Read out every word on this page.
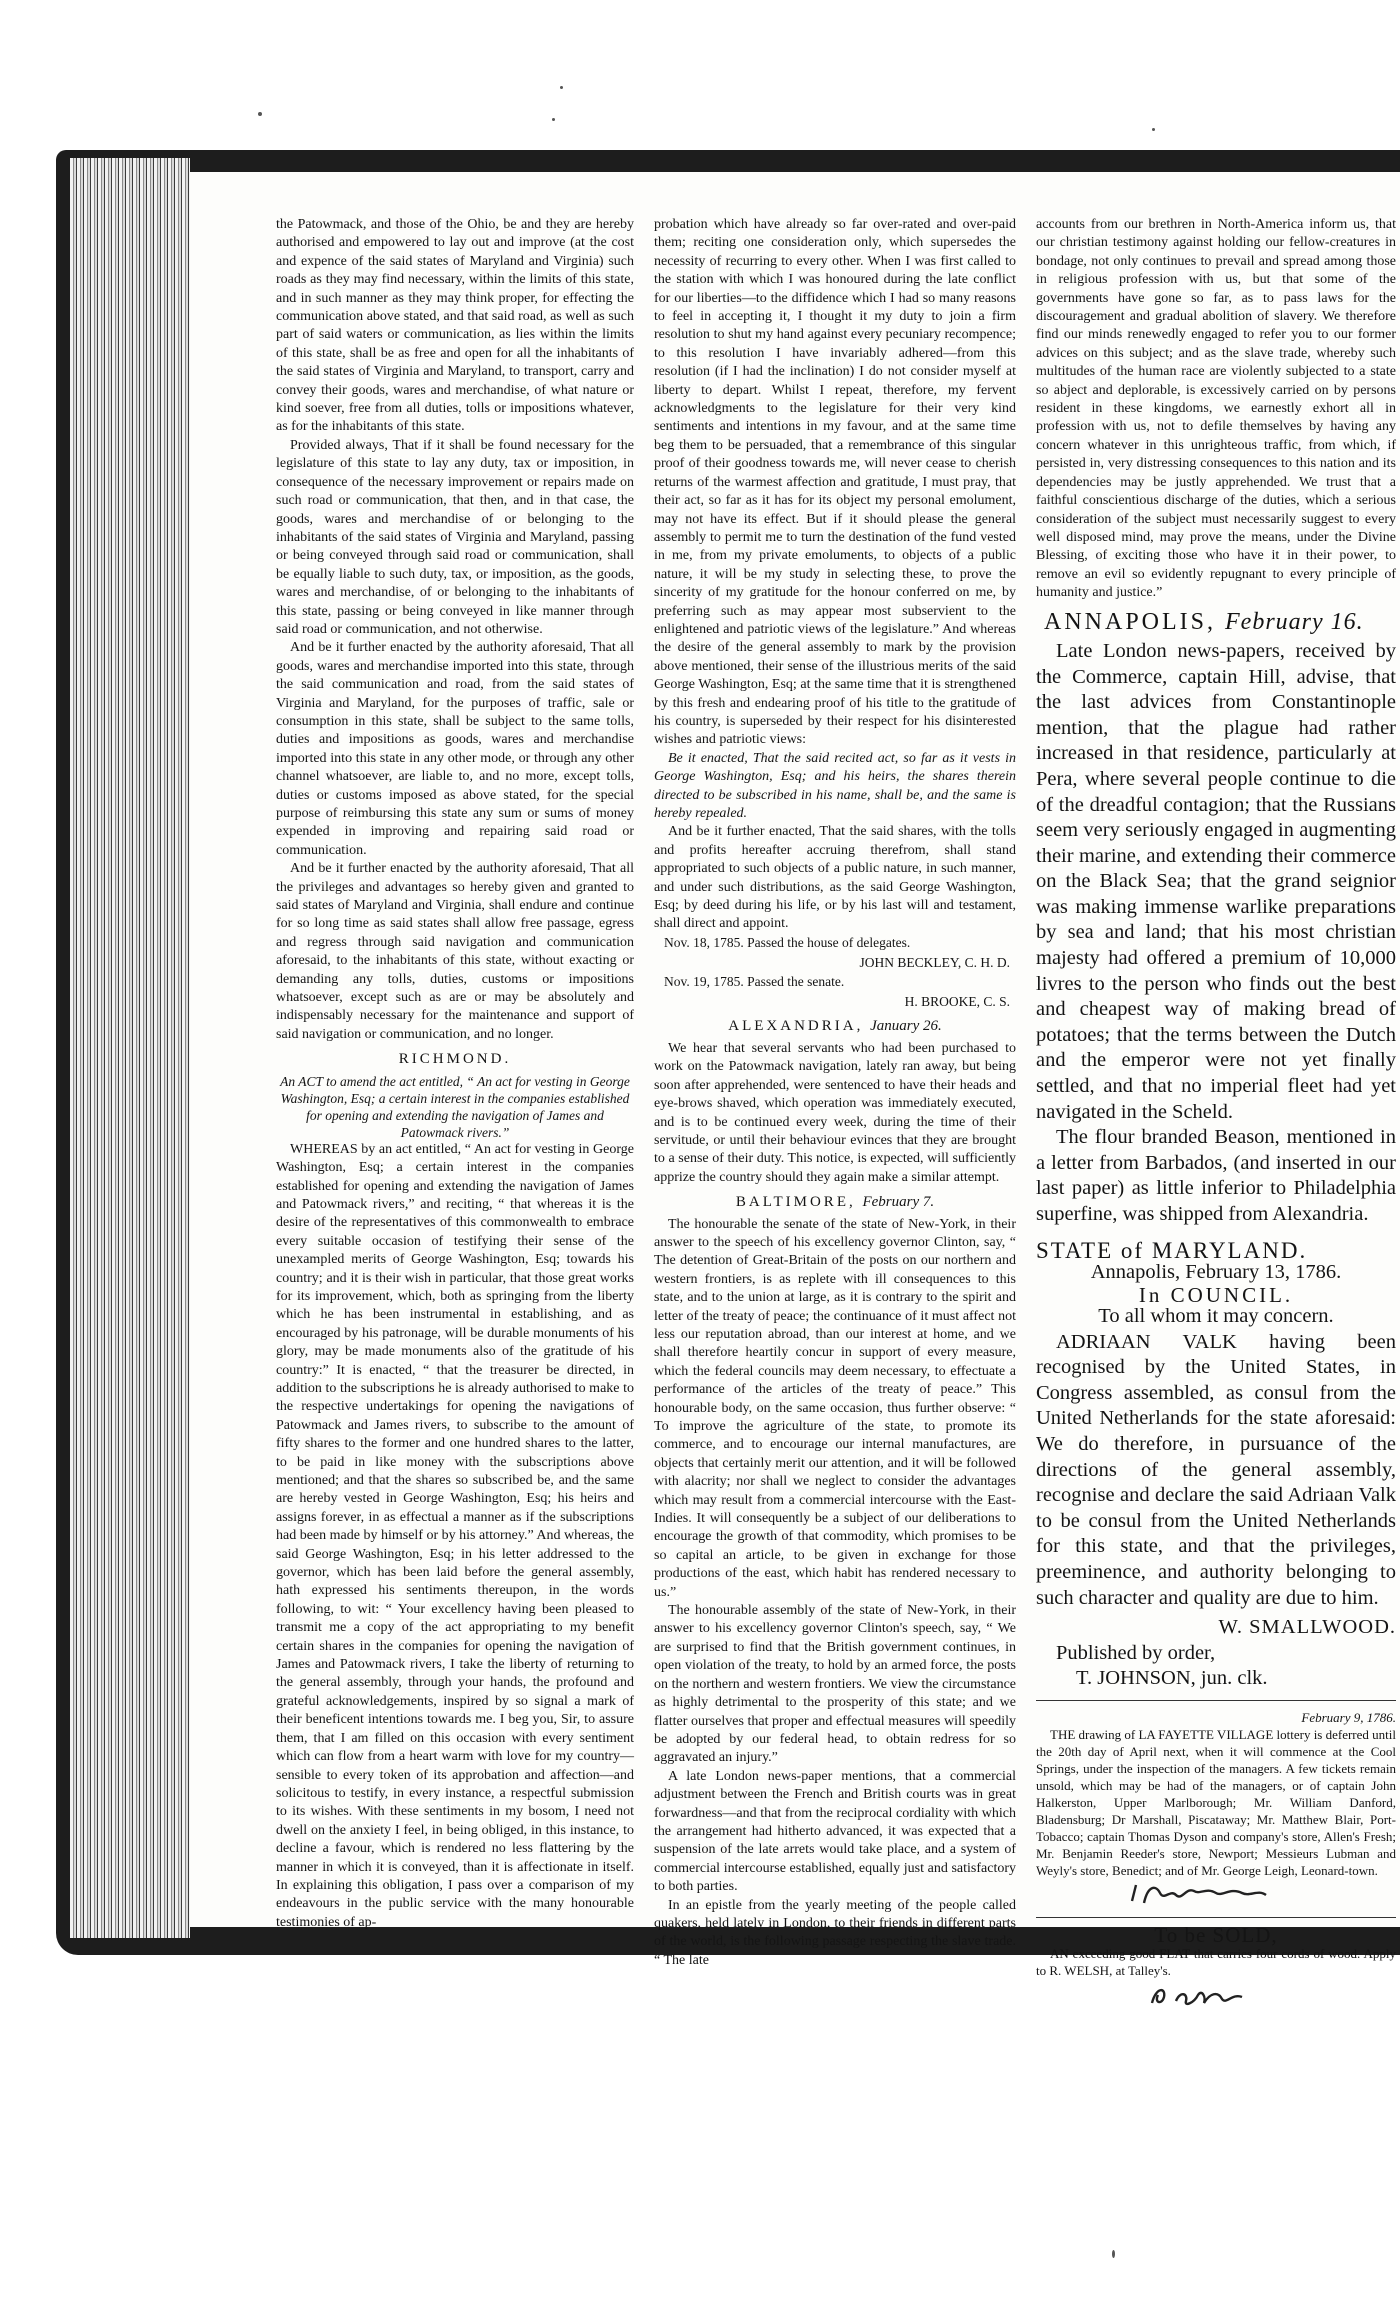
the Patowmack, and those of the Ohio, be and they are hereby authorised and empowered to lay out and improve (at the cost and expence of the said states of Maryland and Virginia) such roads as they may find necessary, within the limits of this state, and in such manner as they may think proper, for effecting the communication above stated, and that said road, as well as such part of said waters or communication, as lies within the limits of this state, shall be as free and open for all the inhabitants of the said states of Virginia and Maryland, to transport, carry and convey their goods, wares and merchandise, of what nature or kind soever, free from all duties, tolls or impositions whatever, as for the inhabitants of this state.

Provided always, That if it shall be found necessary for the legislature of this state to lay any duty, tax or imposition, in consequence of the necessary improvement or repairs made on such road or communication, that then, and in that case, the goods, wares and merchandise of or belonging to the inhabitants of the said states of Virginia and Maryland, passing or being conveyed through said road or communication, shall be equally liable to such duty, tax, or imposition, as the goods, wares and merchandise, of or belonging to the inhabitants of this state, passing or being conveyed in like manner through said road or communication, and not otherwise.

And be it further enacted by the authority aforesaid, That all goods, wares and merchandise imported into this state, through the said communication and road, from the said states of Virginia and Maryland, for the purposes of traffic, sale or consumption in this state, shall be subject to the same tolls, duties and impositions as goods, wares and merchandise imported into this state in any other mode, or through any other channel whatsoever, are liable to, and no more, except tolls, duties or customs imposed as above stated, for the special purpose of reimbursing this state any sum or sums of money expended in improving and repairing said road or communication.

And be it further enacted by the authority aforesaid, That all the privileges and advantages so hereby given and granted to said states of Maryland and Virginia, shall endure and continue for so long time as said states shall allow free passage, egress and regress through said navigation and communication aforesaid, to the inhabitants of this state, without exacting or demanding any tolls, duties, customs or impositions whatsoever, except such as are or may be absolutely and indispensably necessary for the maintenance and support of said navigation or communication, and no longer.

RICHMOND.
An ACT to amend the act entitled, “ An act for vesting in George Washington, Esq; a certain interest in the companies established for opening and extending the navigation of James and Patowmack rivers.”

WHEREAS by an act entitled, “ An act for vesting in George Washington, Esq; a certain interest in the companies established for opening and extending the navigation of James and Patowmack rivers,” and reciting, “ that whereas it is the desire of the representatives of this commonwealth to embrace every suitable occasion of testifying their sense of the unexampled merits of George Washington, Esq; towards his country; and it is their wish in particular, that those great works for its improvement, which, both as springing from the liberty which he has been instrumental in establishing, and as encouraged by his patronage, will be durable monuments of his glory, may be made monuments also of the gratitude of his country:” It is enacted, “ that the treasurer be directed, in addition to the subscriptions he is already authorised to make to the respective undertakings for opening the navigations of Patowmack and James rivers, to subscribe to the amount of fifty shares to the former and one hundred shares to the latter, to be paid in like money with the subscriptions above mentioned; and that the shares so subscribed be, and the same are hereby vested in George Washington, Esq; his heirs and assigns forever, in as effectual a manner as if the subscriptions had been made by himself or by his attorney.” And whereas, the said George Washington, Esq; in his letter addressed to the governor, which has been laid before the general assembly, hath expressed his sentiments thereupon, in the words following, to wit: “ Your excellency having been pleased to transmit me a copy of the act appropriating to my benefit certain shares in the companies for opening the navigation of James and Patowmack rivers, I take the liberty of returning to the general assembly, through your hands, the profound and grateful acknowledgements, inspired by so signal a mark of their beneficent intentions towards me. I beg you, Sir, to assure them, that I am filled on this occasion with every sentiment which can flow from a heart warm with love for my country—sensible to every token of its approbation and affection—and solicitous to testify, in every instance, a respectful submission to its wishes. With these sentiments in my bosom, I need not dwell on the anxiety I feel, in being obliged, in this instance, to decline a favour, which is rendered no less flattering by the manner in which it is conveyed, than it is affectionate in itself. In explaining this obligation, I pass over a comparison of my endeavours in the public service with the many honourable testimonies of ap-

probation which have already so far over-rated and over-paid them; reciting one consideration only, which supersedes the necessity of recurring to every other. When I was first called to the station with which I was honoured during the late conflict for our liberties—to the diffidence which I had so many reasons to feel in accepting it, I thought it my duty to join a firm resolution to shut my hand against every pecuniary recompence; to this resolution I have invariably adhered—from this resolution (if I had the inclination) I do not consider myself at liberty to depart. Whilst I repeat, therefore, my fervent acknowledgments to the legislature for their very kind sentiments and intentions in my favour, and at the same time beg them to be persuaded, that a remembrance of this singular proof of their goodness towards me, will never cease to cherish returns of the warmest affection and gratitude, I must pray, that their act, so far as it has for its object my personal emolument, may not have its effect. But if it should please the general assembly to permit me to turn the destination of the fund vested in me, from my private emoluments, to objects of a public nature, it will be my study in selecting these, to prove the sincerity of my gratitude for the honour conferred on me, by preferring such as may appear most subservient to the enlightened and patriotic views of the legislature.” And whereas the desire of the general assembly to mark by the provision above mentioned, their sense of the illustrious merits of the said George Washington, Esq; at the same time that it is strengthened by this fresh and endearing proof of his title to the gratitude of his country, is superseded by their respect for his disinterested wishes and patriotic views:

Be it enacted, That the said recited act, so far as it vests in George Washington, Esq; and his heirs, the shares therein directed to be subscribed in his name, shall be, and the same is hereby repealed.

And be it further enacted, That the said shares, with the tolls and profits hereafter accruing therefrom, shall stand appropriated to such objects of a public nature, in such manner, and under such distributions, as the said George Washington, Esq; by deed during his life, or by his last will and testament, shall direct and appoint.

Nov. 18, 1785. Passed the house of delegates.
JOHN BECKLEY, C. H. D.
Nov. 19, 1785. Passed the senate.
H. BROOKE, C. S.
ALEXANDRIA, January 26.

We hear that several servants who had been purchased to work on the Patowmack navigation, lately ran away, but being soon after apprehended, were sentenced to have their heads and eye-brows shaved, which operation was immediately executed, and is to be continued every week, during the time of their servitude, or until their behaviour evinces that they are brought to a sense of their duty. This notice, is expected, will sufficiently apprize the country should they again make a similar attempt.

BALTIMORE, February 7.

The honourable the senate of the state of New-York, in their answer to the speech of his excellency governor Clinton, say, “ The detention of Great-Britain of the posts on our northern and western frontiers, is as replete with ill consequences to this state, and to the union at large, as it is contrary to the spirit and letter of the treaty of peace; the continuance of it must affect not less our reputation abroad, than our interest at home, and we shall therefore heartily concur in support of every measure, which the federal councils may deem necessary, to effectuate a performance of the articles of the treaty of peace.” This honourable body, on the same occasion, thus further observe: “ To improve the agriculture of the state, to promote its commerce, and to encourage our internal manufactures, are objects that certainly merit our attention, and it will be followed with alacrity; nor shall we neglect to consider the advantages which may result from a commercial intercourse with the East-Indies. It will consequently be a subject of our deliberations to encourage the growth of that commodity, which promises to be so capital an article, to be given in exchange for those productions of the east, which habit has rendered necessary to us.”

The honourable assembly of the state of New-York, in their answer to his excellency governor Clinton's speech, say, “ We are surprised to find that the British government continues, in open violation of the treaty, to hold by an armed force, the posts on the northern and western frontiers. We view the circumstance as highly detrimental to the prosperity of this state; and we flatter ourselves that proper and effectual measures will speedily be adopted by our federal head, to obtain redress for so aggravated an injury.”

A late London news-paper mentions, that a commercial adjustment between the French and British courts was in great forwardness—and that from the reciprocal cordiality with which the arrangement had hitherto advanced, it was expected that a suspension of the late arrets would take place, and a system of commercial intercourse established, equally just and satisfactory to both parties.

In an epistle from the yearly meeting of the people called quakers, held lately in London, to their friends in different parts of the world, is the following passage respecting the slave trade. “ The late

accounts from our brethren in North-America inform us, that our christian testimony against holding our fellow-creatures in bondage, not only continues to prevail and spread among those in religious profession with us, but that some of the governments have gone so far, as to pass laws for the discouragement and gradual abolition of slavery. We therefore find our minds renewedly engaged to refer you to our former advices on this subject; and as the slave trade, whereby such multitudes of the human race are violently subjected to a state so abject and deplorable, is excessively carried on by persons resident in these kingdoms, we earnestly exhort all in profession with us, not to defile themselves by having any concern whatever in this unrighteous traffic, from which, if persisted in, very distressing consequences to this nation and its dependencies may be justly apprehended. We trust that a faithful conscientious discharge of the duties, which a serious consideration of the subject must necessarily suggest to every well disposed mind, may prove the means, under the Divine Blessing, of exciting those who have it in their power, to remove an evil so evidently repugnant to every principle of humanity and justice.”

ANNAPOLIS, February 16.

Late London news-papers, received by the Commerce, captain Hill, advise, that the last advices from Constantinople mention, that the plague had rather increased in that residence, particularly at Pera, where several people continue to die of the dreadful contagion; that the Russians seem very seriously engaged in augmenting their marine, and extending their commerce on the Black Sea; that the grand seignior was making immense warlike preparations by sea and land; that his most christian majesty had offered a premium of 10,000 livres to the person who finds out the best and cheapest way of making bread of potatoes; that the terms between the Dutch and the emperor were not yet finally settled, and that no imperial fleet had yet navigated in the Scheld.

The flour branded Beason, mentioned in a letter from Barbados, (and inserted in our last paper) as little inferior to Philadelphia superfine, was shipped from Alexandria.

STATE of MARYLAND.
Annapolis, February 13, 1786.
In COUNCIL.
To all whom it may concern.

ADRIAAN VALK having been recognised by the United States, in Congress assembled, as consul from the United Netherlands for the state aforesaid: We do therefore, in pursuance of the directions of the general assembly, recognise and declare the said Adriaan Valk to be consul from the United Netherlands for this state, and that the privileges, preeminence, and authority belonging to such character and quality are due to him.

W. SMALLWOOD.
Published by order,
T. JOHNSON, jun. clk.
February 9, 1786.

THE drawing of LA FAYETTE VILLAGE lottery is deferred until the 20th day of April next, when it will commence at the Cool Springs, under the inspection of the managers. A few tickets remain unsold, which may be had of the managers, or of captain John Halkerston, Upper Marlborough; Mr. William Danford, Bladensburg; Dr Marshall, Piscataway; Mr. Matthew Blair, Port-Tobacco; captain Thomas Dyson and company's store, Allen's Fresh; Mr. Benjamin Reeder's store, Newport; Messieurs Lubman and Weyly's store, Benedict; and of Mr. George Leigh, Leonard-town.

To be SOLD,

AN exceeding good FLAT that carries four cords of wood. Apply to R. WELSH, at Talley's.
